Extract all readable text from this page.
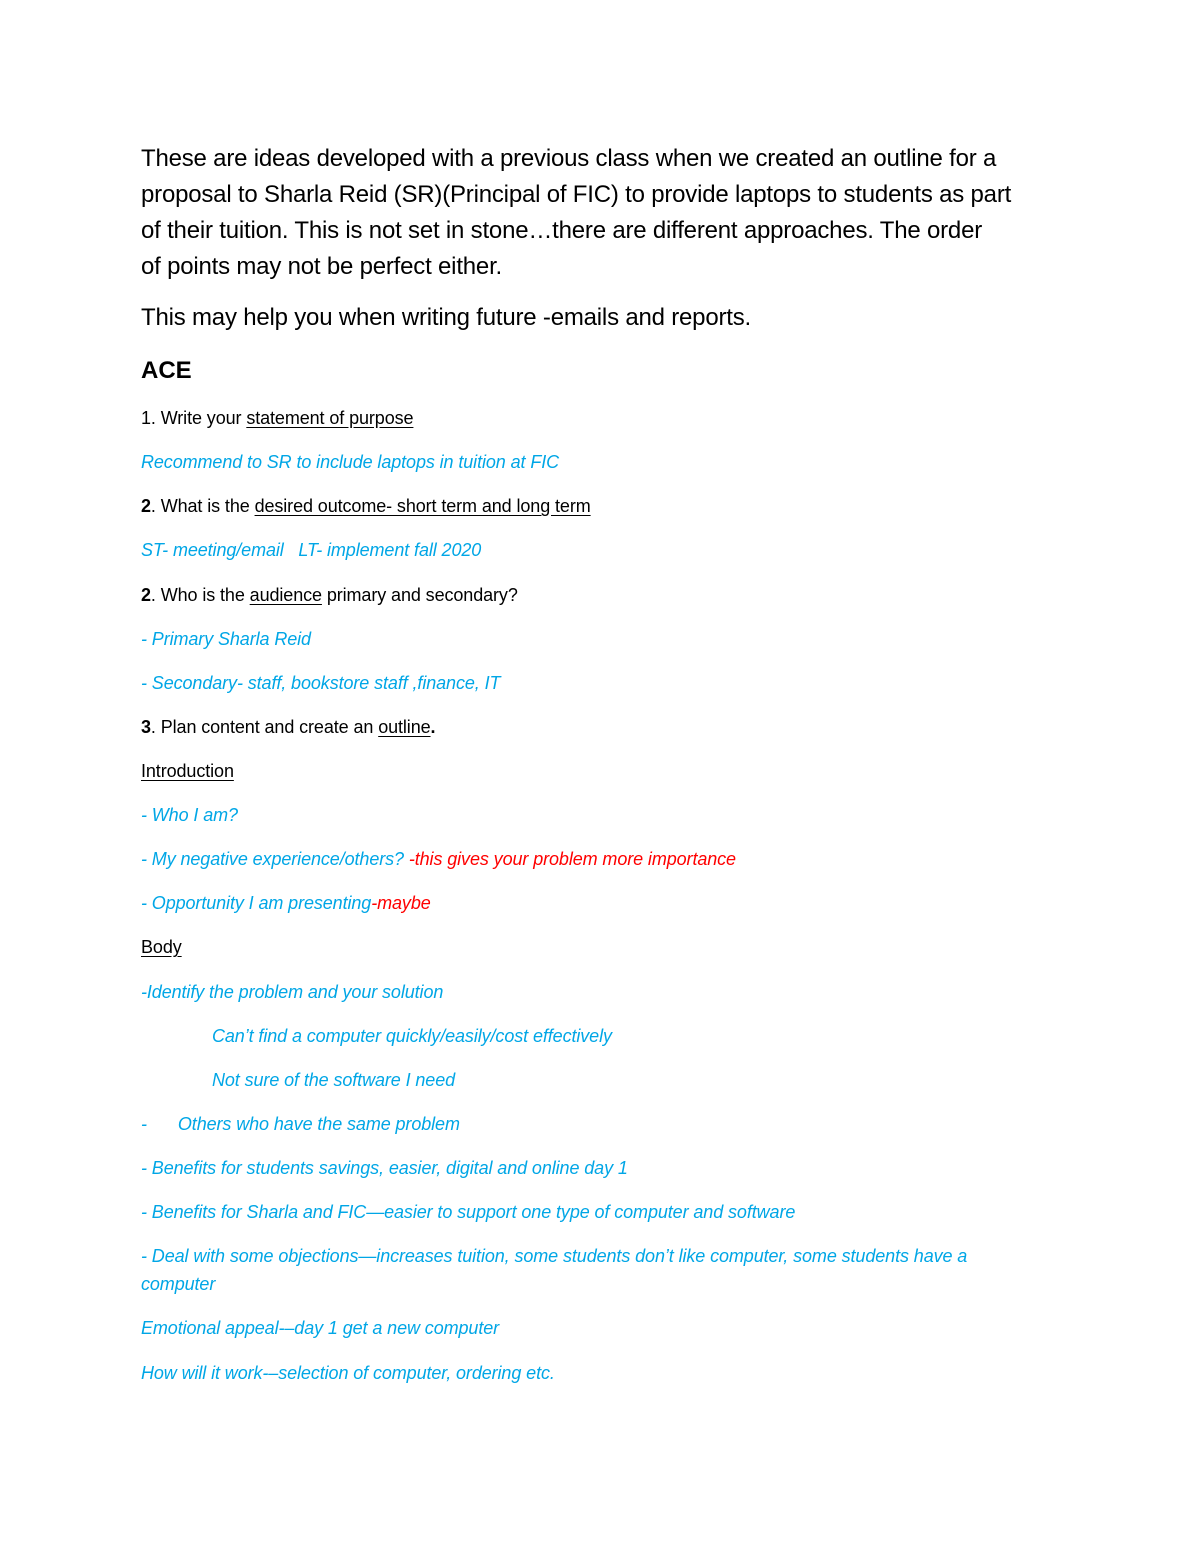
These are ideas developed with a previous class when we created an outline for a

proposal to Sharla Reid (SR)(Principal of FIC) to provide laptops to students as part

of their tuition. This is not set in stone…there are different approaches. The order

of points may not be perfect either.

This may help you when writing future -emails and reports.

ACE

1. Write your statement of purpose

Recommend to SR to include laptops in tuition at FIC

2. What is the desired outcome- short term and long term

ST- meeting/email   LT- implement fall 2020

2. Who is the audience primary and secondary?

- Primary Sharla Reid

- Secondary- staff, bookstore staff ,finance, IT

3. Plan content and create an outline.

Introduction

- Who I am?

- My negative experience/others? -this gives your problem more importance

- Opportunity I am presenting-maybe

Body

-Identify the problem and your solution

Can’t find a computer quickly/easily/cost effectively

Not sure of the software I need

- Others who have the same problem

- Benefits for students savings, easier, digital and online day 1

- Benefits for Sharla and FIC—easier to support one type of computer and software

- Deal with some objections—increases tuition, some students don’t like computer, some students have a

computer

Emotional appeal-–day 1 get a new computer

How will it work-–selection of computer, ordering etc.
